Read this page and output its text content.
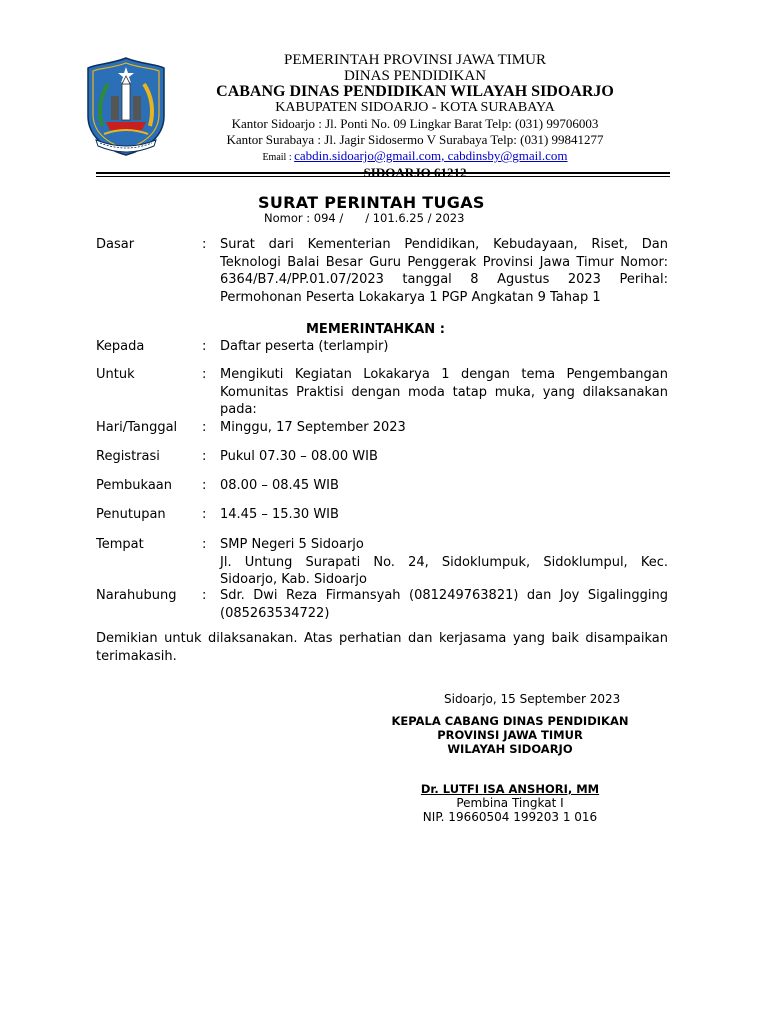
PEMERINTAH PROVINSI JAWA TIMUR
DINAS PENDIDIKAN
CABANG DINAS PENDIDIKAN WILAYAH SIDOARJO
KABUPATEN SIDOARJO - KOTA SURABAYA
Kantor Sidoarjo : Jl. Ponti No. 09 Lingkar Barat Telp: (031) 99706003
Kantor Surabaya : Jl. Jagir Sidosermo V Surabaya Telp: (031) 99841277
Email : cabdin.sidoarjo@gmail.com, cabdinsby@gmail.com
SIDOARJO 61212
SURAT PERINTAH TUGAS
Nomor : 094 /      / 101.6.25 / 2023
Dasar	: Surat dari Kementerian Pendidikan, Kebudayaan, Riset, Dan
Teknologi Balai Besar Guru Penggerak Provinsi Jawa Timur Nomor:
6364/B7.4/PP.01.07/2023 tanggal 8 Agustus 2023 Perihal:
Permohonan Peserta Lokakarya 1 PGP Angkatan 9 Tahap 1
MEMERINTAHKAN :
Kepada	: Daftar peserta (terlampir)
Untuk	: Mengikuti Kegiatan Lokakarya 1 dengan tema Pengembangan
Komunitas Praktisi dengan moda tatap muka, yang dilaksanakan
pada:
Hari/Tanggal	: Minggu, 17 September 2023
Registrasi	: Pukul 07.30 – 08.00 WIB
Pembukaan	: 08.00 – 08.45 WIB
Penutupan	: 14.45 – 15.30 WIB
Tempat	: SMP Negeri 5 Sidoarjo
Jl. Untung Surapati No. 24, Sidoklumpuk, Sidoklumpul, Kec.
Sidoarjo, Kab. Sidoarjo
Narahubung	: Sdr. Dwi Reza Firmansyah (081249763821) dan Joy Sigalingging
(085263534722)
Demikian untuk dilaksanakan. Atas perhatian dan kerjasama yang baik disampaikan
terimakasih.
Sidoarjo, 15 September 2023
KEPALA CABANG DINAS PENDIDIKAN
PROVINSI JAWA TIMUR
WILAYAH SIDOARJO
Dr. LUTFI ISA ANSHORI, MM
Pembina Tingkat I
NIP. 19660504 199203 1 016
